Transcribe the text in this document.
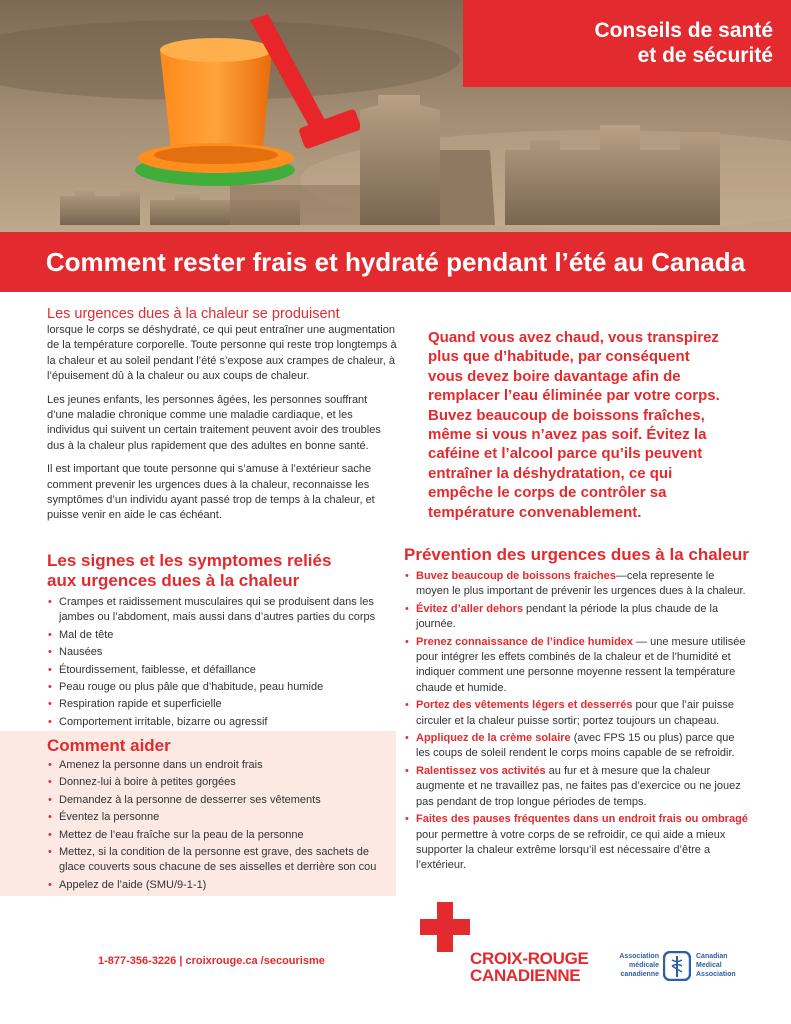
Conseils de santé
et de sécurité
Comment rester frais et hydraté pendant l’été au Canada
Les urgences dues à la chaleur se produisent

lorsque le corps se déshydraté, ce qui peut entraîner une augmentation de la température corporelle. Toute personne qui reste trop longtemps à la chaleur et au soleil pendant l’été s’expose aux crampes de chaleur, à l’épuisement dû à la chaleur ou aux coups de chaleur.

Les jeunes enfants, les personnes âgées, les personnes souffrant d’une maladie chronique comme une maladie cardiaque, et les individus qui suivent un certain traitement peuvent avoir des troubles dus à la chaleur plus rapidement que des adultes en bonne santé.

Il est important que toute personne qui s’amuse à l’extérieur sache comment prevenir les urgences dues à la chaleur, reconnaisse les symptômes d’un individu ayant passé trop de temps à la chaleur, et puisse venir en aide le cas échéant.

Les signes et les symptomes reliés
aux urgences dues à la chaleur
• Crampes et raidissement musculaires qui se produisent dans les jambes ou l’abdoment, mais aussi dans d’autres parties du corps
• Mal de tête
• Nausées
• Étourdissement, faiblesse, et défaillance
• Peau rouge ou plus pâle que d’habitude, peau humide
• Respiration rapide et superficielle
• Comportement irritable, bizarre ou agressif
Comment aider
• Amenez la personne dans un endroit frais
• Donnez-lui à boire à petites gorgées
• Demandez à la personne de desserrer ses vêtements
• Éventez la personne
• Mettez de l’eau fraîche sur la peau de la personne
• Mettez, si la condition de la personne est grave, des sachets de glace couverts sous chacune de ses aisselles et derrière son cou
• Appelez de l’aide (SMU/9-1-1)
Quand vous avez chaud, vous transpirez plus que d’habitude, par conséquent vous devez boire davantage afin de remplacer l’eau éliminée par votre corps. Buvez beaucoup de boissons fraîches, même si vous n’avez pas soif. Évitez la caféine et l’alcool parce qu’ils peuvent entraîner la déshydratation, ce qui empêche le corps de contrôler sa température convenablement.
Prévention des urgences dues à la chaleur
• Buvez beaucoup de boissons fraiches—cela represente le moyen le plus important de prévenir les urgences dues à la chaleur.
• Évitez d’aller dehors pendant la période la plus chaude de la journée.
• Prenez connaissance de l’indice humidex — une mesure utilisée pour intégrer les effets combinés de la chaleur et de l’humidité et indiquer comment une personne moyenne ressent la température chaude et humide.
• Portez des vêtements légers et desserrés pour que l’air puisse circuler et la chaleur puisse sortir; portez toujours un chapeau.
• Appliquez de la crème solaire (avec FPS 15 ou plus) parce que les coups de soleil rendent le corps moins capable de se refroidir.
• Ralentissez vos activités au fur et à mesure que la chaleur augmente et ne travaillez pas, ne faites pas d’exercice ou ne jouez pas pendant de trop longue périodes de temps.
• Faites des pauses fréquentes dans un endroit frais ou ombragé pour permettre à votre corps de se refroidir, ce qui aide a mieux supporter la chaleur extrême lorsqu’il est nécessaire d’être a l’extérieur.
1-877-356-3226 | croixrouge.ca /secourisme	CROIX-ROUGE
CANADIENNE
Association
médicale
canadienne
Canadian
Medical
Association
